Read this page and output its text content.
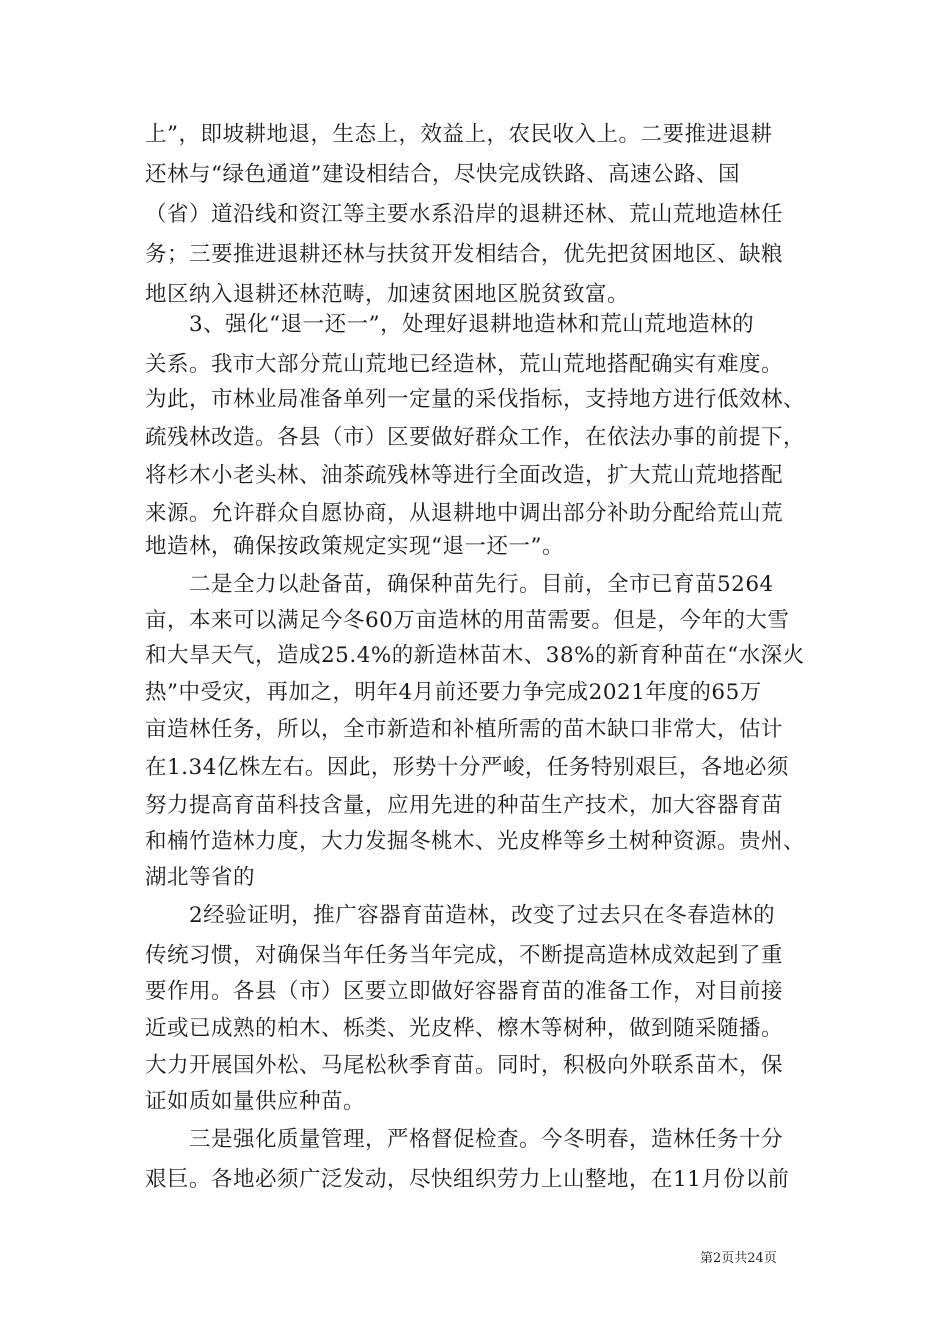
上”，即坡耕地退，生态上，效益上，农民收入上。二要推进退耕
还林与“绿色通道”建设相结合，尽快完成铁路、高速公路、国
（省）道沿线和资江等主要水系沿岸的退耕还林、荒山荒地造林任
务；三要推进退耕还林与扶贫开发相结合，优先把贫困地区、缺粮
地区纳入退耕还林范畴，加速贫困地区脱贫致富。
　　3、强化“退一还一”，处理好退耕地造林和荒山荒地造林的
关系。我市大部分荒山荒地已经造林，荒山荒地搭配确实有难度。
为此，市林业局准备单列一定量的采伐指标，支持地方进行低效林、
疏残林改造。各县（市）区要做好群众工作，在依法办事的前提下，
将杉木小老头林、油茶疏残林等进行全面改造，扩大荒山荒地搭配
来源。允许群众自愿协商，从退耕地中调出部分补助分配给荒山荒
地造林，确保按政策规定实现“退一还一”。
　　二是全力以赴备苗，确保种苗先行。目前，全市已育苗5264
亩，本来可以满足今冬60万亩造林的用苗需要。但是，今年的大雪
和大旱天气，造成25.4%的新造林苗木、38%的新育种苗在“水深火
热”中受灾，再加之，明年4月前还要力争完成2021年度的65万
亩造林任务，所以，全市新造和补植所需的苗木缺口非常大，估计
在1.34亿株左右。因此，形势十分严峻，任务特别艰巨，各地必须
努力提高育苗科技含量，应用先进的种苗生产技术，加大容器育苗
和楠竹造林力度，大力发掘冬桃木、光皮桦等乡土树种资源。贵州、
湖北等省的
　　2经验证明，推广容器育苗造林，改变了过去只在冬春造林的
传统习惯，对确保当年任务当年完成，不断提高造林成效起到了重
要作用。各县（市）区要立即做好容器育苗的准备工作，对目前接
近或已成熟的柏木、栎类、光皮桦、檫木等树种，做到随采随播。
大力开展国外松、马尾松秋季育苗。同时，积极向外联系苗木，保
证如质如量供应种苗。
　　三是强化质量管理，严格督促检查。今冬明春，造林任务十分
艰巨。各地必须广泛发动，尽快组织劳力上山整地，在11月份以前
第2页共24页
